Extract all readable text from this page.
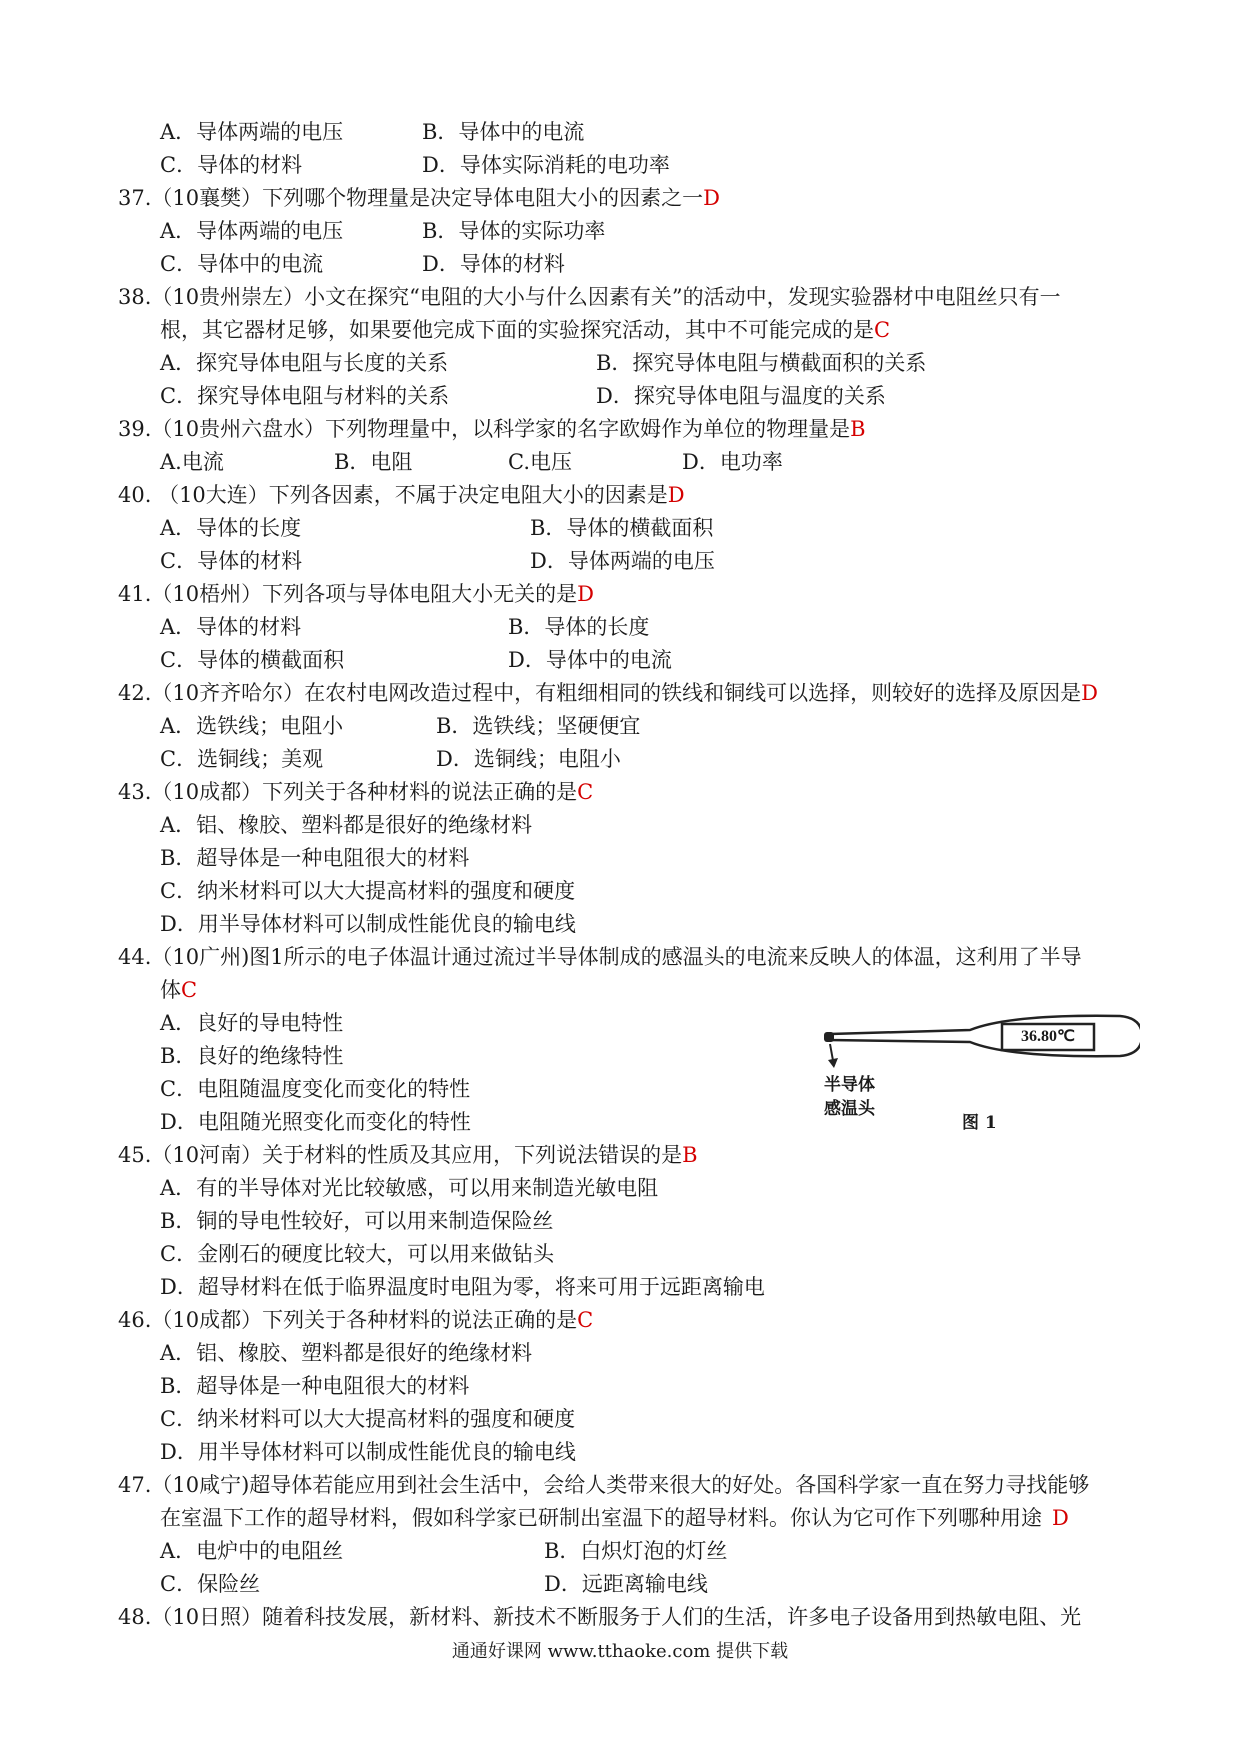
A．导体两端的电压	B．导体中的电流
C．导体的材料	D．导体实际消耗的电功率
37.（10襄樊）下列哪个物理量是决定导体电阻大小的因素之一D
A．导体两端的电压	B．导体的实际功率
C．导体中的电流	D．导体的材料
38.（10贵州崇左）小文在探究“电阻的大小与什么因素有关”的活动中，发现实验器材中电阻丝只有一
根，其它器材足够，如果要他完成下面的实验探究活动，其中不可能完成的是C
A．探究导体电阻与长度的关系	B．探究导体电阻与横截面积的关系
C．探究导体电阻与材料的关系	D．探究导体电阻与温度的关系
39.（10贵州六盘水）下列物理量中，以科学家的名字欧姆作为单位的物理量是B
A.电流	B．电阻	C.电压	D．电功率
40. （10大连）下列各因素，不属于决定电阻大小的因素是D
A．导体的长度	B．导体的横截面积
C．导体的材料	D．导体两端的电压
41.（10梧州）下列各项与导体电阻大小无关的是D
A．导体的材料	B．导体的长度
C．导体的横截面积	D．导体中的电流
42.（10齐齐哈尔）在农村电网改造过程中，有粗细相同的铁线和铜线可以选择，则较好的选择及原因是D
A．选铁线；电阻小	B．选铁线；坚硬便宜
C．选铜线；美观	D．选铜线；电阻小
43.（10成都）下列关于各种材料的说法正确的是C
A．铝、橡胶、塑料都是很好的绝缘材料
B．超导体是一种电阻很大的材料
C．纳米材料可以大大提高材料的强度和硬度
D．用半导体材料可以制成性能优良的输电线
44.（10广州)图1所示的电子体温计通过流过半导体制成的感温头的电流来反映人的体温，这利用了半导
体C
A．良好的导电特性
B．良好的绝缘特性
C．电阻随温度变化而变化的特性
D．电阻随光照变化而变化的特性
36.80℃
半导体
感温头
图 1
45.（10河南）关于材料的性质及其应用，下列说法错误的是B
A．有的半导体对光比较敏感，可以用来制造光敏电阻
B．铜的导电性较好，可以用来制造保险丝
C．金刚石的硬度比较大，可以用来做钻头
D．超导材料在低于临界温度时电阻为零，将来可用于远距离输电
46.（10成都）下列关于各种材料的说法正确的是C
A．铝、橡胶、塑料都是很好的绝缘材料
B．超导体是一种电阻很大的材料
C．纳米材料可以大大提高材料的强度和硬度
D．用半导体材料可以制成性能优良的输电线
47.（10咸宁)超导体若能应用到社会生活中，会给人类带来很大的好处。各国科学家一直在努力寻找能够
在室温下工作的超导材料，假如科学家已研制出室温下的超导材料。你认为它可作下列哪种用途 D
A．电炉中的电阻丝	B．白炽灯泡的灯丝
C．保险丝	D．远距离输电线
48.（10日照）随着科技发展，新材料、新技术不断服务于人们的生活，许多电子设备用到热敏电阻、光
通通好课网 www.tthaoke.com 提供下载
